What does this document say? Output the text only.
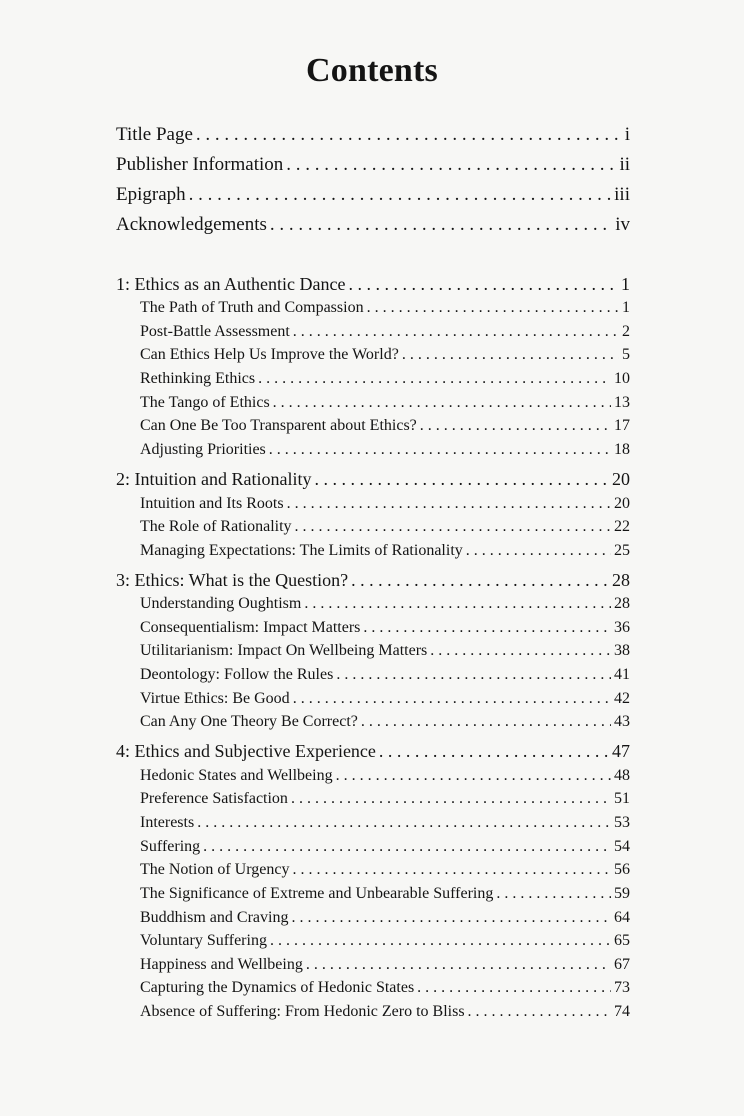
Contents
Title Page . . .	i
Publisher Information . . .	ii
Epigraph . . .	iii
Acknowledgements . . .	iv
1: Ethics as an Authentic Dance . . .	1
The Path of Truth and Compassion . . .	1
Post-Battle Assessment . . .	2
Can Ethics Help Us Improve the World? . . .	5
Rethinking Ethics . . .	10
The Tango of Ethics . . .	13
Can One Be Too Transparent about Ethics? . . .	17
Adjusting Priorities . . .	18
2: Intuition and Rationality . . .	20
Intuition and Its Roots . . .	20
The Role of Rationality . . .	22
Managing Expectations: The Limits of Rationality . . .	25
3: Ethics: What is the Question? . . .	28
Understanding Oughtism . . .	28
Consequentialism: Impact Matters . . .	36
Utilitarianism: Impact On Wellbeing Matters . . .	38
Deontology: Follow the Rules . . .	41
Virtue Ethics: Be Good . . .	42
Can Any One Theory Be Correct? . . .	43
4: Ethics and Subjective Experience . . .	47
Hedonic States and Wellbeing . . .	48
Preference Satisfaction . . .	51
Interests . . .	53
Suffering . . .	54
The Notion of Urgency . . .	56
The Significance of Extreme and Unbearable Suffering . . .	59
Buddhism and Craving . . .	64
Voluntary Suffering . . .	65
Happiness and Wellbeing . . .	67
Capturing the Dynamics of Hedonic States . . .	73
Absence of Suffering: From Hedonic Zero to Bliss . . .	74
